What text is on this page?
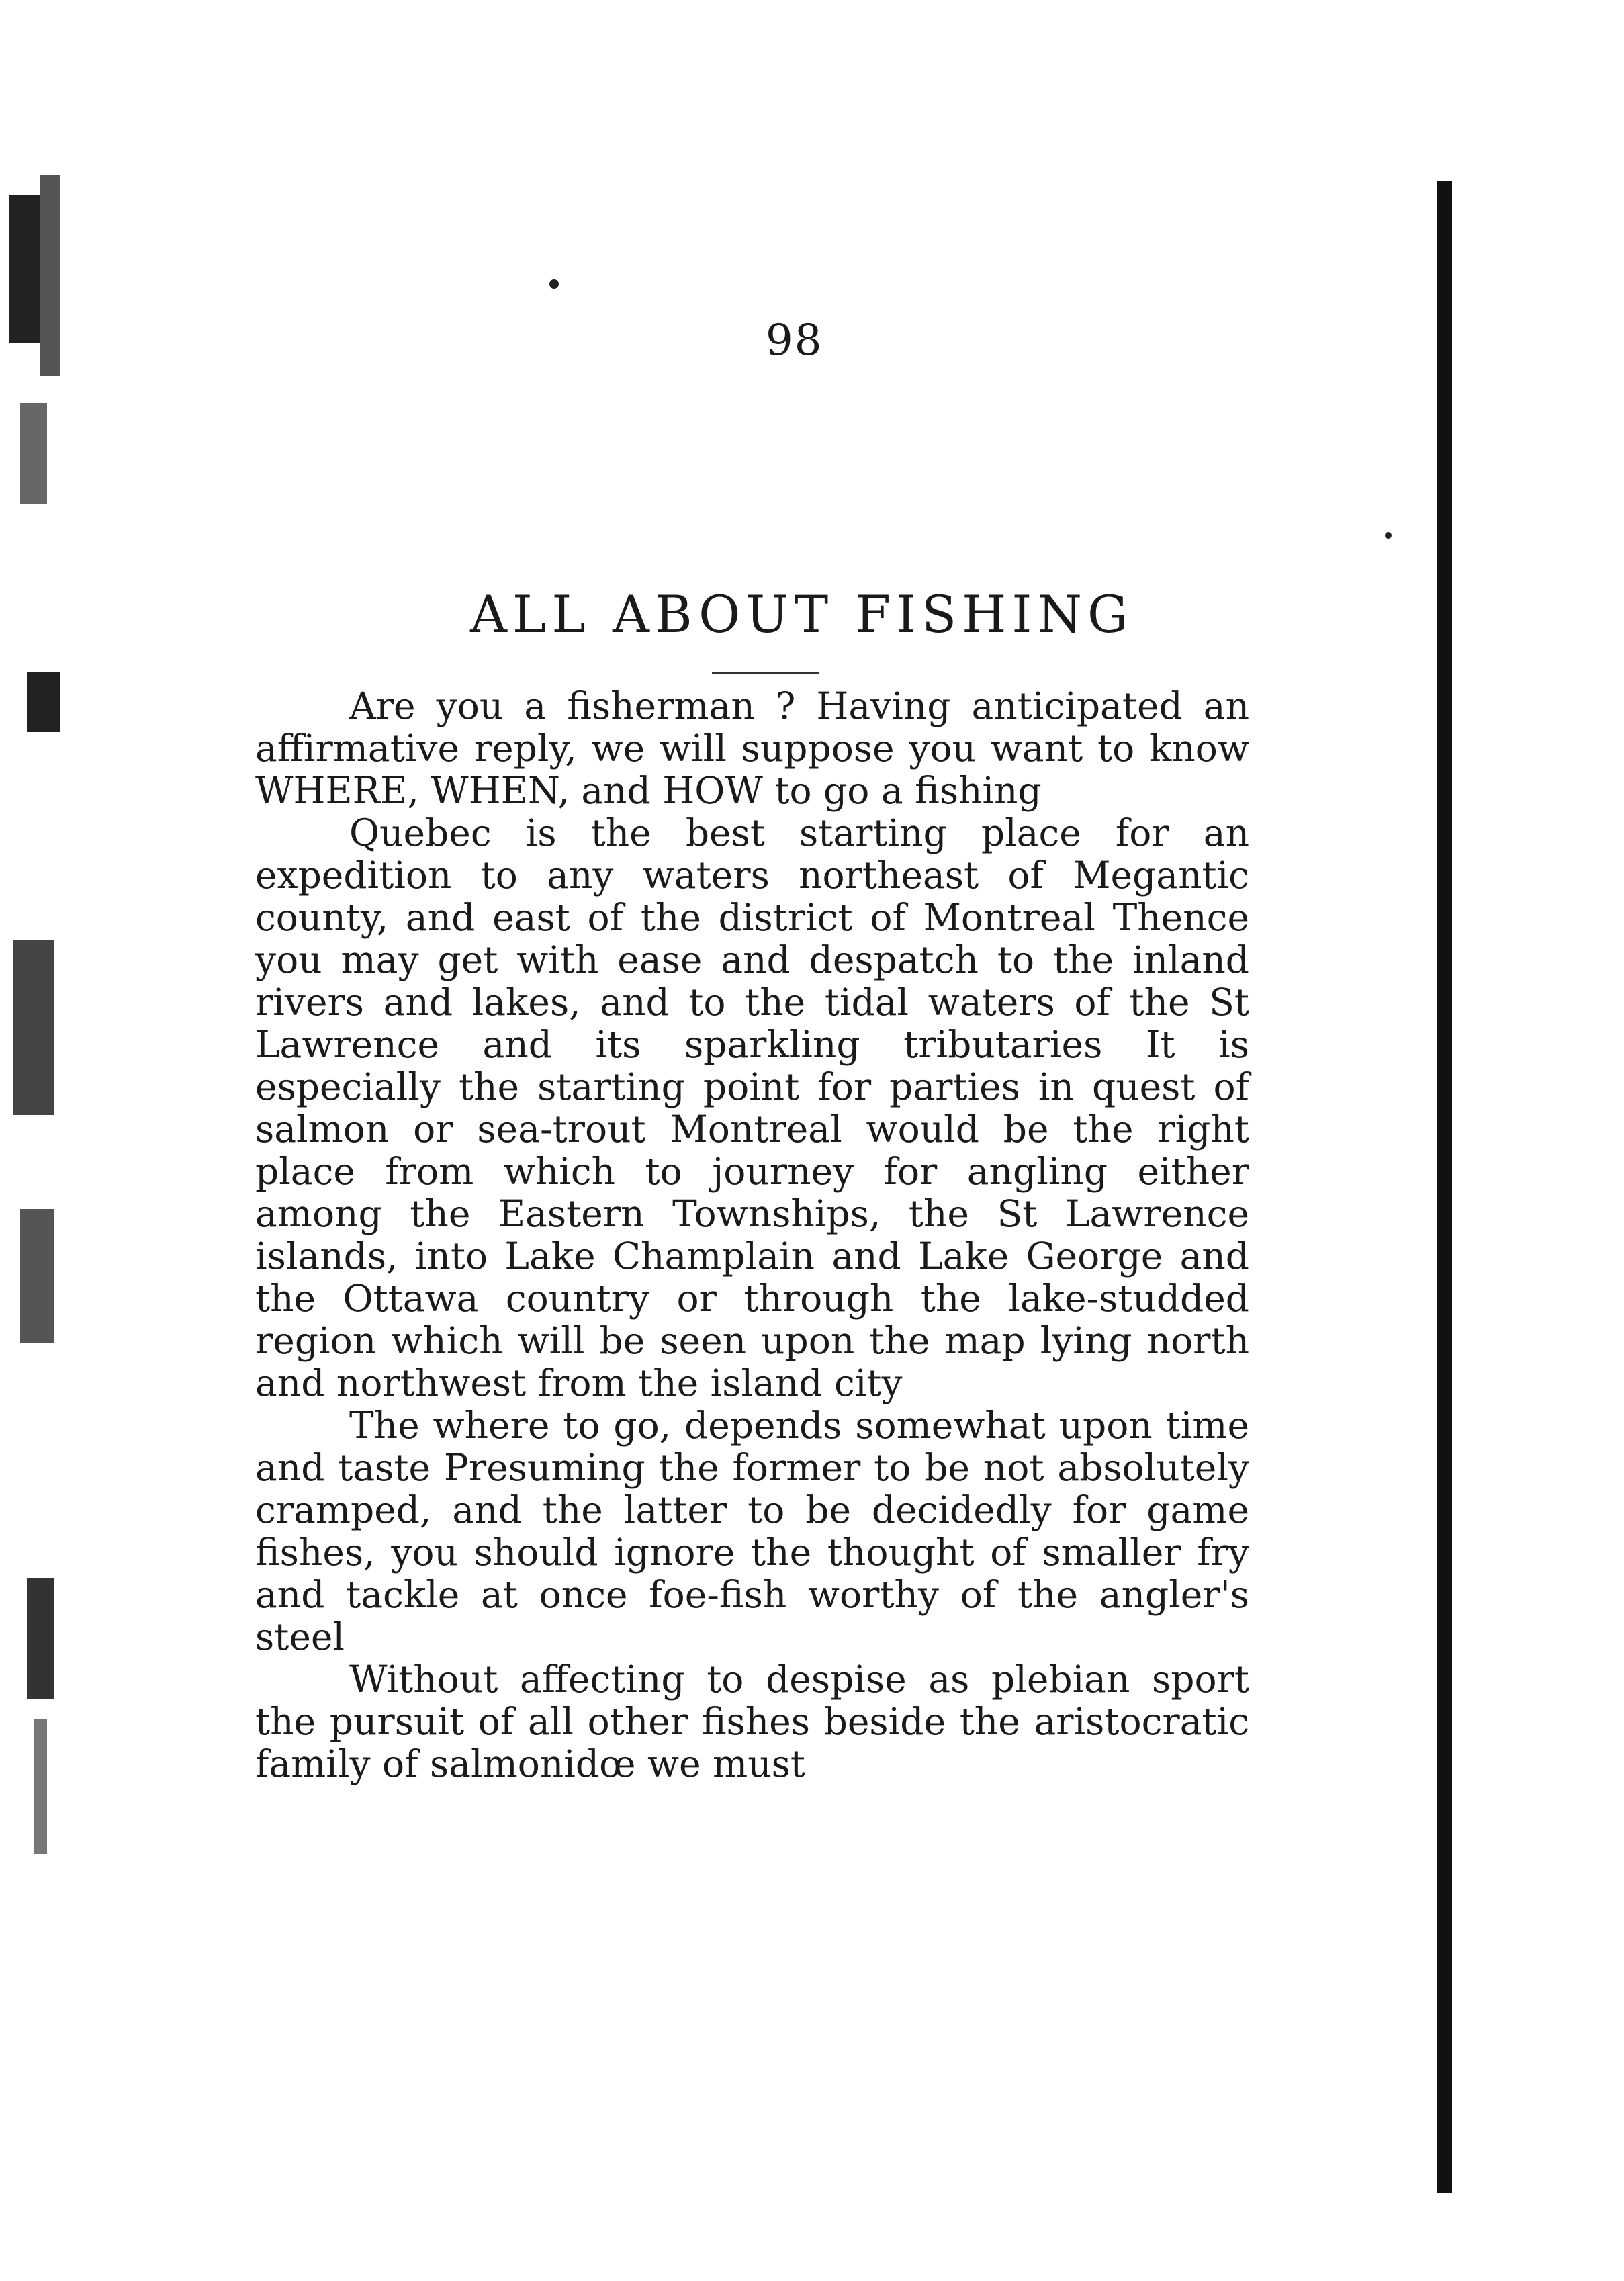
98
ALL ABOUT FISHING

Are you a fisherman ? Having anticipated an affirmative reply, we will suppose you want to know WHERE, WHEN, and HOW to go a fishing

Quebec is the best starting place for an expedition to any waters northeast of Megantic county, and east of the district of Montreal Thence you may get with ease and despatch to the inland rivers and lakes, and to the tidal waters of the St Lawrence and its sparkling tributaries It is especially the starting point for parties in quest of salmon or sea-trout Montreal would be the right place from which to journey for angling either among the Eastern Townships, the St Lawrence islands, into Lake Champlain and Lake George and the Ottawa country or through the lake-studded region which will be seen upon the map lying north and northwest from the island city

The where to go, depends somewhat upon time and taste Presuming the former to be not absolutely cramped, and the latter to be decidedly for game fishes, you should ignore the thought of smaller fry and tackle at once foe-fish worthy of the angler's steel

Without affecting to despise as plebian sport the pursuit of all other fishes beside the aristocratic family of salmonidœ we must
